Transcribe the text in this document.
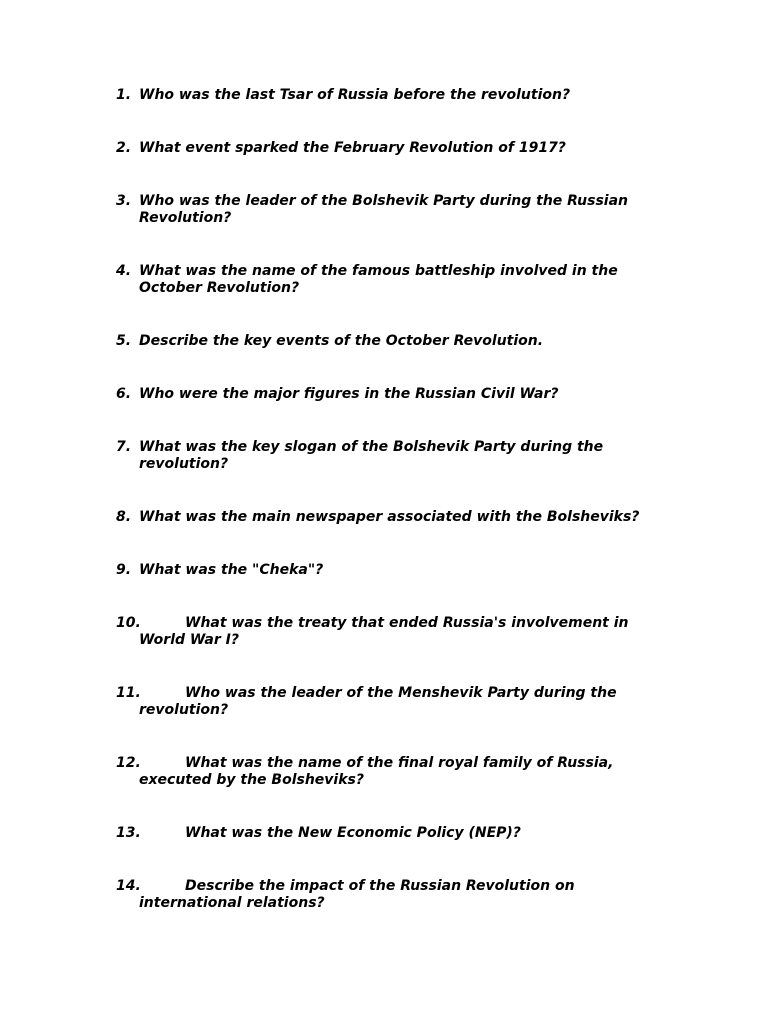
1. Who was the last Tsar of Russia before the revolution?
2. What event sparked the February Revolution of 1917?
3. Who was the leader of the Bolshevik Party during the Russian Revolution?
4. What was the name of the famous battleship involved in the October Revolution?
5. Describe the key events of the October Revolution.
6. Who were the major figures in the Russian Civil War?
7. What was the key slogan of the Bolshevik Party during the revolution?
8. What was the main newspaper associated with the Bolsheviks?
9. What was the "Cheka"?
10.	What was the treaty that ended Russia's involvement in World War I?
11.	Who was the leader of the Menshevik Party during the revolution?
12.	What was the name of the final royal family of Russia, executed by the Bolsheviks?
13.	What was the New Economic Policy (NEP)?
14.	Describe the impact of the Russian Revolution on international relations?
